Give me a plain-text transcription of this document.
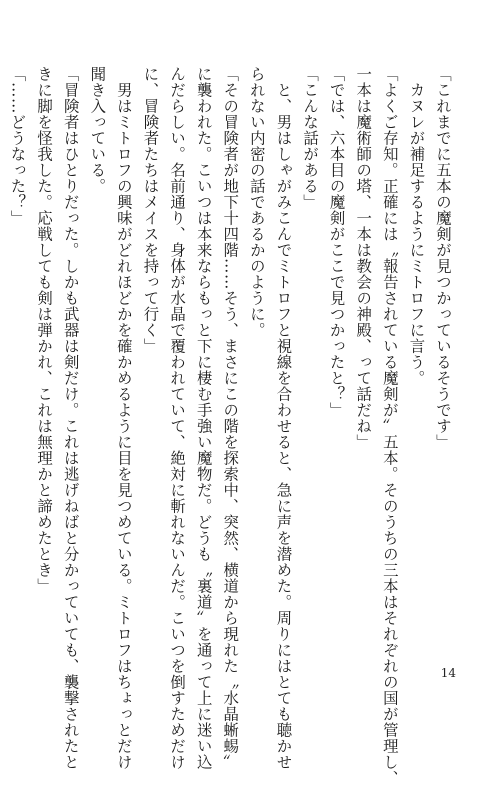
「これまでに五本の魔剣が見つかっているそうです」
　カヌレが補足するようにミトロフに言う。
「よくご存知。正確には〝報告されている魔剣が〟五本。そのうちの三本はそれぞれの国が管理し、
一本は魔術師の塔、一本は教会の神殿、って話だね」
「では、六本目の魔剣がここで見つかったと？」
「こんな話がある」
　と、男はしゃがみこんでミトロフと視線を合わせると、急に声を潜めた。周りにはとても聴かせ
られない内密の話であるかのように。
「その冒険者が地下十四階……そう、まさにこの階を探索中、突然、横道から現れた〝水晶蜥蜴〟
に襲われた。こいつは本来ならもっと下に棲む手強い魔物だ。どうも〝裏道〟を通って上に迷い込
んだらしい。名前通り、身体が水晶で覆われていて、絶対に斬れないんだ。こいつを倒すためだけ
に、冒険者たちはメイスを持って行く」
　男はミトロフの興味がどれほどかを確かめるように目を見つめている。ミトロフはちょっとだけ
聞き入っている。
「冒険者はひとりだった。しかも武器は剣だけ。これは逃げねばと分かっていても、襲撃されたと
きに脚を怪我した。応戦しても剣は弾かれ、これは無理かと諦めたとき」
「……どうなった？」
14
